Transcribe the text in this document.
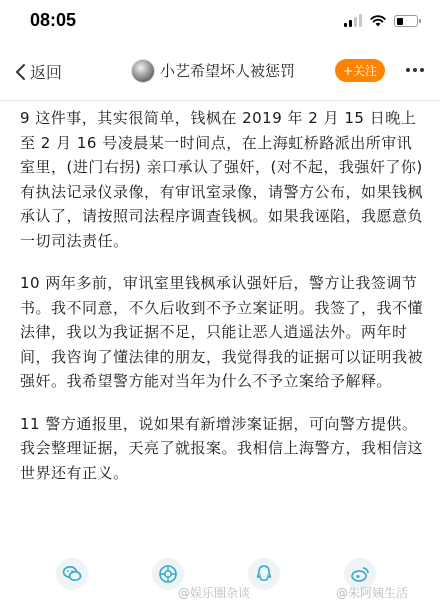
08:05
返回	小艺希望坏人被惩罚	+关注

9 这件事，其实很简单，钱枫在 2019 年 2 月 15 日晚上至 2 月 16 号凌晨某一时间点，在上海虹桥路派出所审讯室里，(进门右拐) 亲口承认了强奸，(对不起，我强奸了你) 有执法记录仪录像，有审讯室录像，请警方公布，如果钱枫承认了，请按照司法程序调查钱枫。如果我诬陷，我愿意负一切司法责任。

10 两年多前，审讯室里钱枫承认强奸后，警方让我签调节书。我不同意，不久后收到不予立案证明。我签了，我不懂法律，我以为我证据不足，只能让恶人逍遥法外。两年时间，我咨询了懂法律的朋友，我觉得我的证据可以证明我被强奸。我希望警方能对当年为什么不予立案给予解释。

11 警方通报里，说如果有新增涉案证据，可向警方提供。我会整理证据，天亮了就报案。我相信上海警方，我相信这世界还有正义。

@娱乐圈杂谈	@朱阿姨生活
